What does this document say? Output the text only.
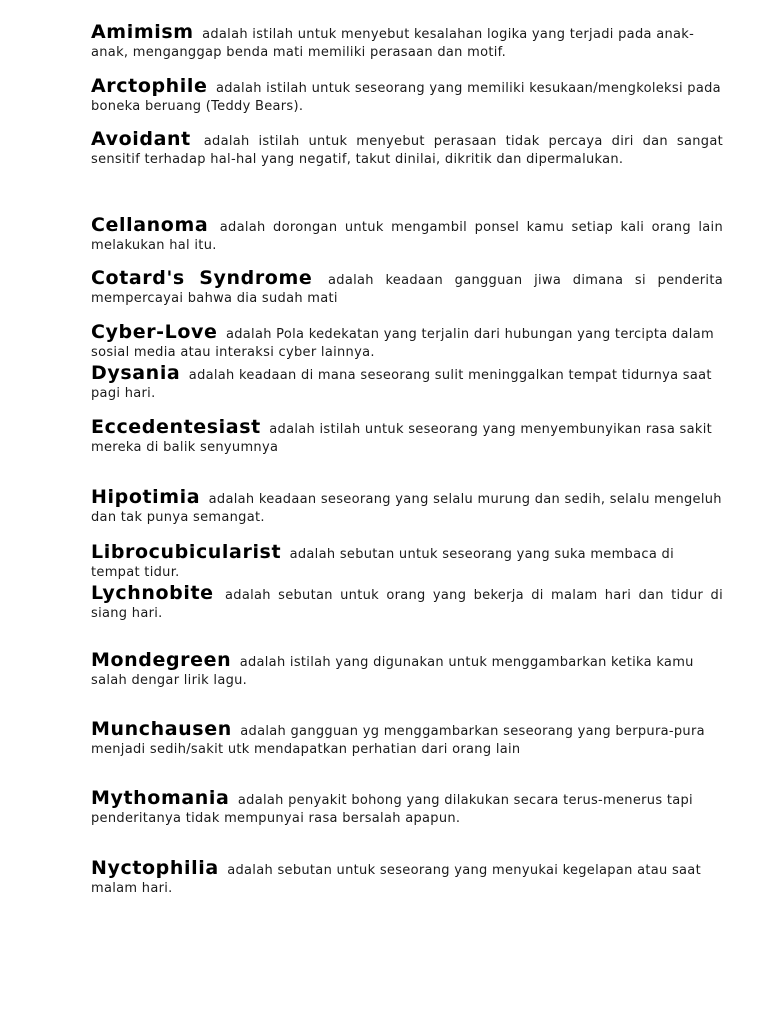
Amimism adalah istilah untuk menyebut kesalahan logika yang terjadi pada anak-anak, menganggap benda mati memiliki perasaan dan motif.

Arctophile adalah istilah untuk seseorang yang memiliki kesukaan/mengkoleksi pada boneka beruang (Teddy Bears).

Avoidant adalah istilah untuk menyebut perasaan tidak percaya diri dan sangat sensitif terhadap hal-hal yang negatif, takut dinilai, dikritik dan dipermalukan.

Cellanoma adalah dorongan untuk mengambil ponsel kamu setiap kali orang lain melakukan hal itu.

Cotard's Syndrome adalah keadaan gangguan jiwa dimana si penderita mempercayai bahwa dia sudah mati

Cyber-Love adalah Pola kedekatan yang terjalin dari hubungan yang tercipta dalam sosial media atau interaksi cyber lainnya.

Dysania adalah keadaan di mana seseorang sulit meninggalkan tempat tidurnya saat pagi hari.

Eccedentesiast adalah istilah untuk seseorang yang menyembunyikan rasa sakit mereka di balik senyumnya

Hipotimia adalah keadaan seseorang yang selalu murung dan sedih, selalu mengeluh dan tak punya semangat.

Librocubicularist adalah sebutan untuk seseorang yang suka membaca di tempat tidur.

Lychnobite adalah sebutan untuk orang yang bekerja di malam hari dan tidur di siang hari.

Mondegreen adalah istilah yang digunakan untuk menggambarkan ketika kamu salah dengar lirik lagu.

Munchausen adalah gangguan yg menggambarkan seseorang yang berpura-pura menjadi sedih/sakit utk mendapatkan perhatian dari orang lain

Mythomania adalah penyakit bohong yang dilakukan secara terus-menerus tapi penderitanya tidak mempunyai rasa bersalah apapun.

Nyctophilia adalah sebutan untuk seseorang yang menyukai kegelapan atau saat malam hari.
